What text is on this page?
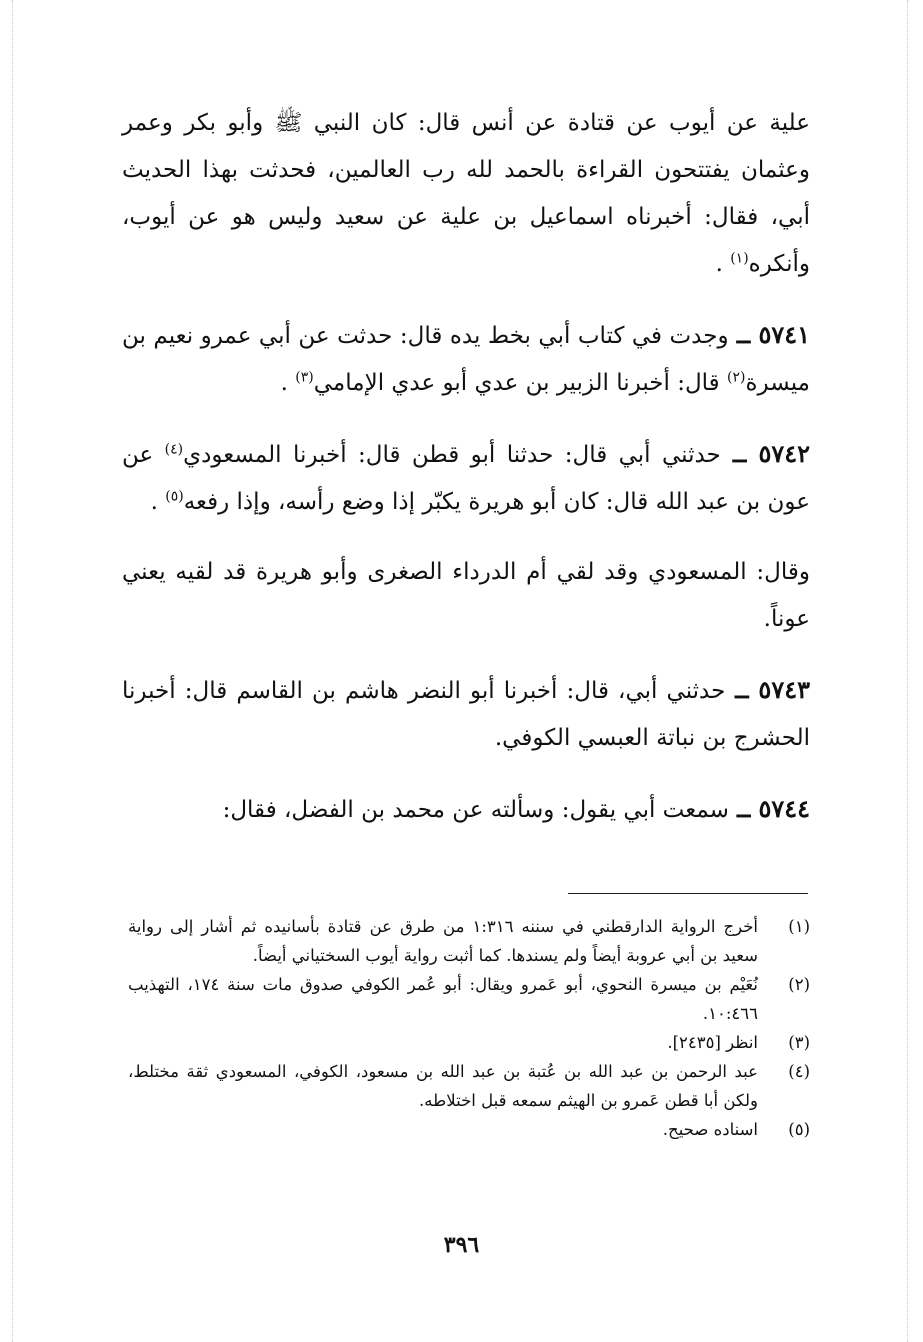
علية عن أيوب عن قتادة عن أنس قال: كان النبي ﷺ وأبو بكر وعمر وعثمان يفتتحون القراءة بالحمد لله رب العالمين، فحدثت بهذا الحديث أبي، فقال: أخبرناه اسماعيل بن علية عن سعيد وليس هو عن أيوب، وأنكره$^{(١)}$ .

٥٧٤١ ــ وجدت في كتاب أبي بخط يده قال: حدثت عن أبي عمرو نعيم بن ميسرة$^{(٢)}$ قال: أخبرنا الزبير بن عدي أبو عدي الإمامي$^{(٣)}$ .

٥٧٤٢ ــ حدثني أبي قال: حدثنا أبو قطن قال: أخبرنا المسعودي$^{(٤)}$ عن عون بن عبد الله قال: كان أبو هريرة يكبّر إذا وضع رأسه، وإذا رفعه$^{(٥)}$ .

وقال: المسعودي وقد لقي أم الدرداء الصغرى وأبو هريرة قد لقيه يعني عوناً.

٥٧٤٣ ــ حدثني أبي، قال: أخبرنا أبو النضر هاشم بن القاسم قال: أخبرنا الحشرج بن نباتة العبسي الكوفي.

٥٧٤٤ ــ سمعت أبي يقول: وسألته عن محمد بن الفضل، فقال:

(١)
أخرج الرواية الدارقطني في سننه ١:٣١٦ من طرق عن قتادة بأسانيده ثم أشار إلى رواية سعيد بن أبي عروبة أيضاً ولم يسندها. كما أثبت رواية أيوب السختياني أيضاً.
(٢)
نُعَيْم بن ميسرة النحوي، أبو عَمرو ويقال: أبو عُمر الكوفي صدوق مات سنة ١٧٤، التهذيب ١٠:٤٦٦.
(٣)
انظر [٢٤٣٥].
(٤)
عبد الرحمن بن عبد الله بن عُتبة بن عبد الله بن مسعود، الكوفي، المسعودي ثقة مختلط، ولكن أبا قطن عَمرو بن الهيثم سمعه قبل اختلاطه.
(٥)
اسناده صحيح.
٣٩٦
